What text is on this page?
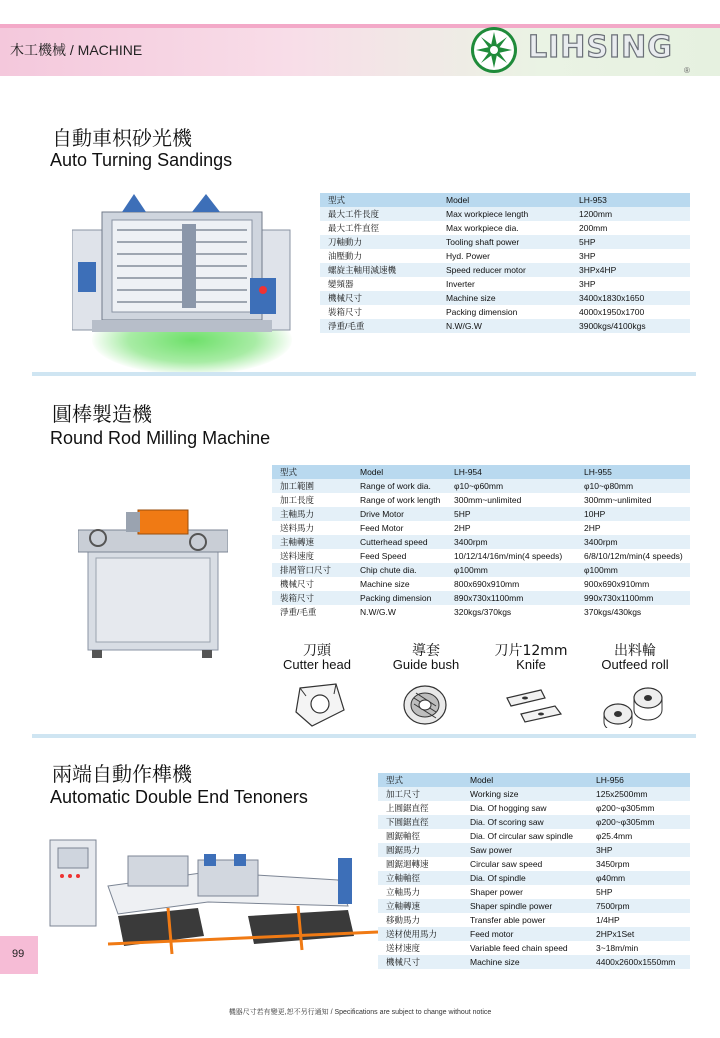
木工機械 / MACHINE	LIHSING
®
自動車枳砂光機
Auto Turning Sandings
型式	Model	LH-953
最大工件長度	Max workpiece length	1200mm
最大工件直徑	Max workpiece dia.	200mm
刀軸動力	Tooling shaft power	5HP
油壓動力	Hyd. Power	3HP
螺旋主軸用減速機	Speed reducer motor	3HPx4HP
變頻器	Inverter	3HP
機械尺寸	Machine size	3400x1830x1650
裝箱尺寸	Packing dimension	4000x1950x1700
淨重/毛重	N.W/G.W	3900kgs/4100kgs
圓棒製造機
Round Rod Milling Machine
型式	Model	LH-954	LH-955
加工範圍	Range of work dia.	φ10~φ60mm	φ10~φ80mm
加工長度	Range of work length	300mm~unlimited	300mm~unlimited
主軸馬力	Drive Motor	5HP	10HP
送料馬力	Feed Motor	2HP	2HP
主軸轉速	Cutterhead speed	3400rpm	3400rpm
送料速度	Feed Speed	10/12/14/16m/min(4 speeds)	6/8/10/12m/min(4 speeds)
排屑管口尺寸	Chip chute dia.	φ100mm	φ100mm
機械尺寸	Machine size	800x690x910mm	900x690x910mm
裝箱尺寸	Packing dimension	890x730x1100mm	990x730x1100mm
淨重/毛重	N.W/G.W	320kgs/370kgs	370kgs/430kgs
刀頭
Cutter head
導套
Guide bush
刀片12mm
Knife
出料輪
Outfeed roll
兩端自動作榫機
Automatic Double End Tenoners
型式	Model	LH-956
加工尺寸	Working size	125x2500mm
上圓鋸直徑	Dia. Of hogging saw	φ200~φ305mm
下圓鋸直徑	Dia. Of scoring saw	φ200~φ305mm
圓鋸軸徑	Dia. Of circular saw spindle	φ25.4mm
圓鋸馬力	Saw power	3HP
圓鋸迴轉速	Circular saw speed	3450rpm
立軸軸徑	Dia. Of spindle	φ40mm
立軸馬力	Shaper power	5HP
立軸轉速	Shaper spindle power	7500rpm
移動馬力	Transfer able power	1/4HP
送材使用馬力	Feed motor	2HPx1Set
送材速度	Variable feed chain speed	3~18m/min
機械尺寸	Machine size	4400x2600x1550mm
99
機器尺寸若有變更,恕不另行通知 / Specifications are subject to change without notice
